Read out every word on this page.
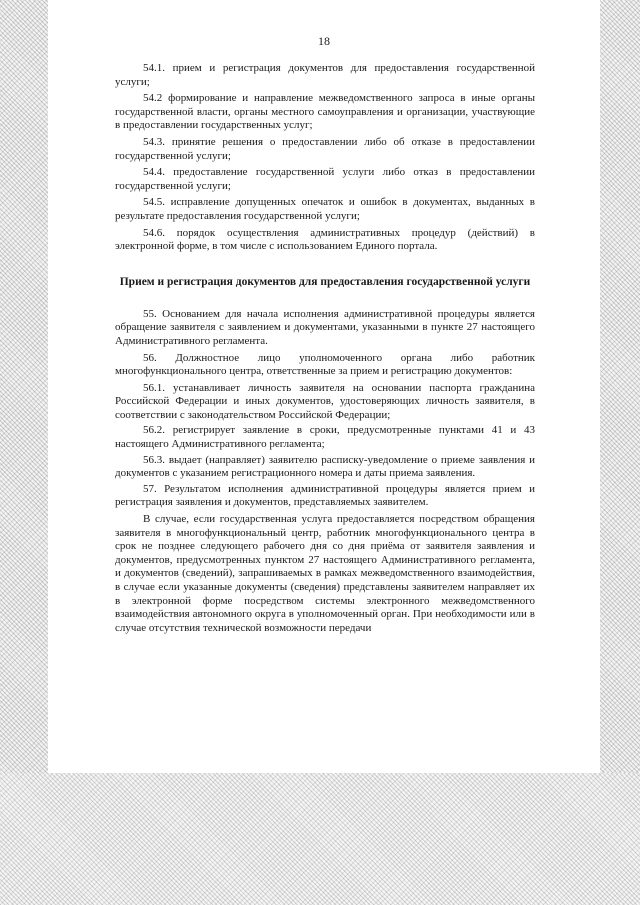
18

54.1. прием и регистрация документов для предоставления государственной услуги;

54.2 формирование и направление межведомственного запроса в иные органы государственной власти, органы местного самоуправления и организации, участвующие в предоставлении государственных услуг;

54.3. принятие решения о предоставлении либо об отказе в предоставлении государственной услуги;

54.4. предоставление государственной услуги либо отказ в предоставлении государственной услуги;

54.5. исправление допущенных опечаток и ошибок в документах, выданных в результате предоставления государственной услуги;

54.6. порядок осуществления административных процедур (действий) в электронной форме, в том числе с использованием Единого портала.

Прием и регистрация документов для предоставления государственной услуги

55. Основанием для начала исполнения административной процедуры является обращение заявителя с заявлением и документами, указанными в пункте 27 настоящего Административного регламента.

56. Должностное лицо уполномоченного органа либо работник многофункционального центра, ответственные за прием и регистрацию документов:

56.1. устанавливает личность заявителя на основании паспорта гражданина Российской Федерации и иных документов, удостоверяющих личность заявителя, в соответствии с законодательством Российской Федерации;

56.2. регистрирует заявление в сроки, предусмотренные пунктами 41 и 43 настоящего Административного регламента;

56.3. выдает (направляет) заявителю расписку-уведомление о приеме заявления и документов с указанием регистрационного номера и даты приема заявления.

57. Результатом исполнения административной процедуры является прием и регистрация заявления и документов, представляемых заявителем.

В случае, если государственная услуга предоставляется посредством обращения заявителя в многофункциональный центр, работник многофункционального центра в срок не позднее следующего рабочего дня со дня приёма от заявителя заявления и документов, предусмотренных пунктом 27 настоящего Административного регламента, и документов (сведений), запрашиваемых в рамках межведомственного взаимодействия, в случае если указанные документы (сведения) представлены заявителем направляет их в электронной форме посредством системы электронного межведомственного взаимодействия автономного округа в уполномоченный орган. При необходимости или в случае отсутствия технической возможности передачи
